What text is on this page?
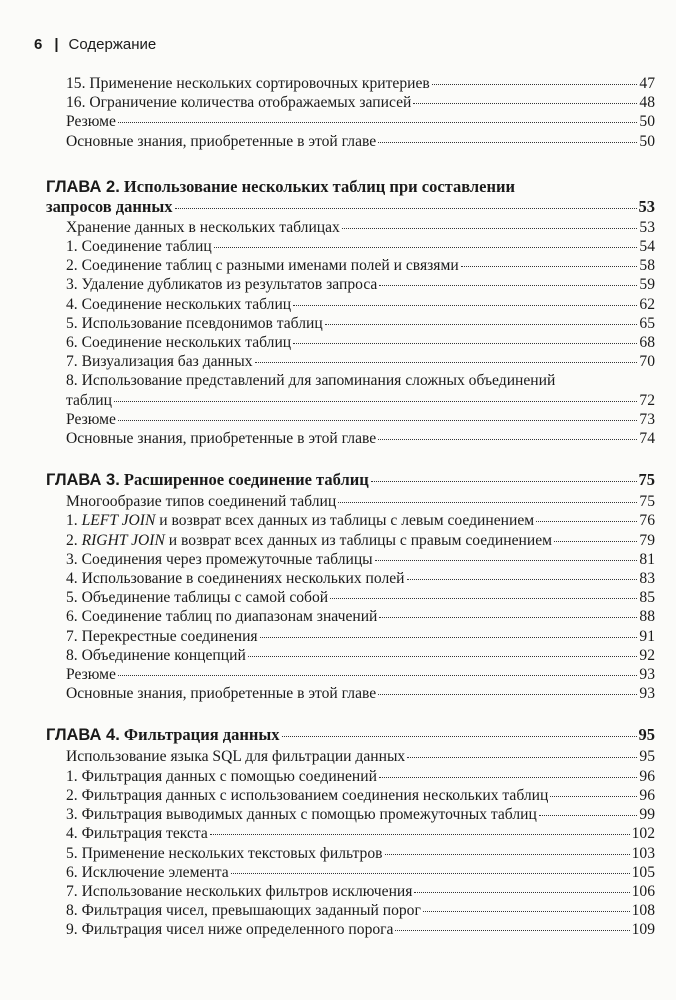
6 | Содержание
15. Применение нескольких сортировочных критериев	47
16. Ограничение количества отображаемых записей	48
Резюме	50
Основные знания, приобретенные в этой главе	50
ГЛАВА 2. Использование нескольких таблиц при составлении
запросов данных	53
Хранение данных в нескольких таблицах	53
1. Соединение таблиц	54
2. Соединение таблиц с разными именами полей и связями	58
3. Удаление дубликатов из результатов запроса	59
4. Соединение нескольких таблиц	62
5. Использование псевдонимов таблиц	65
6. Соединение нескольких таблиц	68
7. Визуализация баз данных	70
8. Использование представлений для запоминания сложных объединений
таблиц	72
Резюме	73
Основные знания, приобретенные в этой главе	74
ГЛАВА 3. Расширенное соединение таблиц	75
Многообразие типов соединений таблиц	75
1. LEFT JOIN и возврат всех данных из таблицы с левым соединением	76
2. RIGHT JOIN и возврат всех данных из таблицы с правым соединением	79
3. Соединения через промежуточные таблицы	81
4. Использование в соединениях нескольких полей	83
5. Объединение таблицы с самой собой	85
6. Соединение таблиц по диапазонам значений	88
7. Перекрестные соединения	91
8. Объединение концепций	92
Резюме	93
Основные знания, приобретенные в этой главе	93
ГЛАВА 4. Фильтрация данных	95
Использование языка SQL для фильтрации данных	95
1. Фильтрация данных с помощью соединений	96
2. Фильтрация данных с использованием соединения нескольких таблиц	96
3. Фильтрация выводимых данных с помощью промежуточных таблиц	99
4. Фильтрация текста	102
5. Применение нескольких текстовых фильтров	103
6. Исключение элемента	105
7. Использование нескольких фильтров исключения	106
8. Фильтрация чисел, превышающих заданный порог	108
9. Фильтрация чисел ниже определенного порога	109
